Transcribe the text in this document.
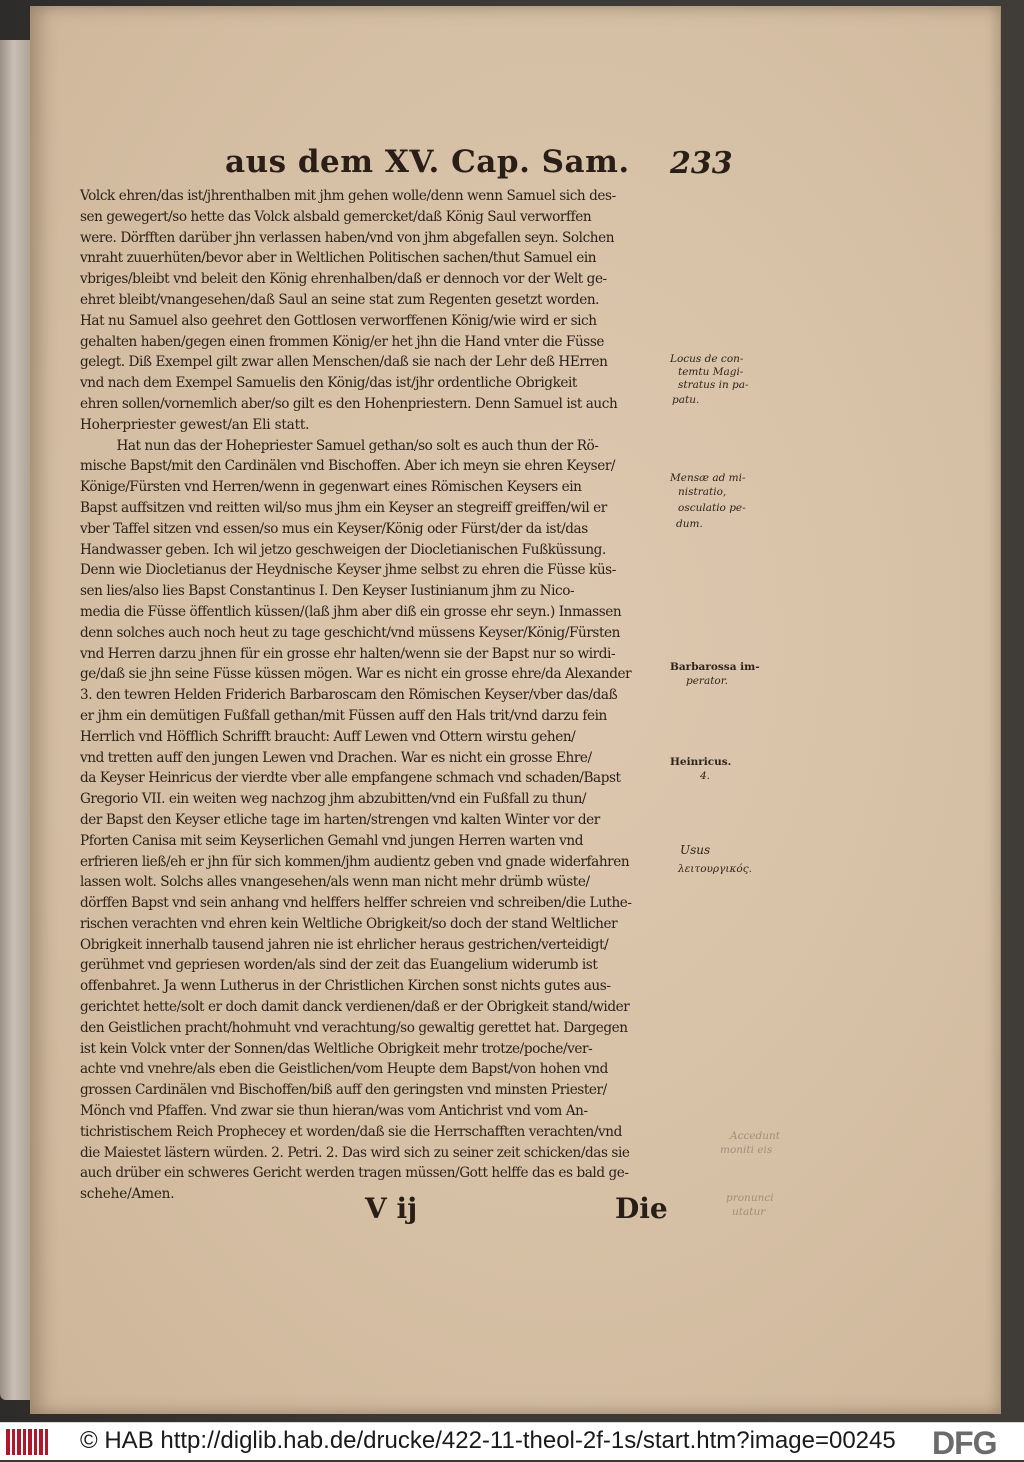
aus dem XV. Cap. Sam.	233
Volck ehren/das ist/jhrenthalben mit jhm gehen wolle/denn wenn Samuel sich des-
sen gewegert/so hette das Volck alsbald gemercket/daß König Saul verworffen
were. Dörfften darüber jhn verlassen haben/vnd von jhm abgefallen seyn. Solchen
vnraht zuuerhüten/bevor aber in Weltlichen Politischen sachen/thut Samuel ein
vbriges/bleibt vnd beleit den König ehrenhalben/daß er dennoch vor der Welt ge-
ehret bleibt/vnangesehen/daß Saul an seine stat zum Regenten gesetzt worden.
Hat nu Samuel also geehret den Gottlosen verworffenen König/wie wird er sich
gehalten haben/gegen einen frommen König/er het jhn die Hand vnter die Füsse
gelegt. Diß Exempel gilt zwar allen Menschen/daß sie nach der Lehr deß HErren
vnd nach dem Exempel Samuelis den König/das ist/jhr ordentliche Obrigkeit
ehren sollen/vornemlich aber/so gilt es den Hohenpriestern. Denn Samuel ist auch
Hoherpriester gewest/an Eli statt.
Hat nun das der Hohepriester Samuel gethan/so solt es auch thun der Rö-
mische Bapst/mit den Cardinälen vnd Bischoffen. Aber ich meyn sie ehren Keyser/
Könige/Fürsten vnd Herren/wenn in gegenwart eines Römischen Keysers ein
Bapst auffsitzen vnd reitten wil/so mus jhm ein Keyser an stegreiff greiffen/wil er
vber Taffel sitzen vnd essen/so mus ein Keyser/König oder Fürst/der da ist/das
Handwasser geben. Ich wil jetzo geschweigen der Diocletianischen Fußküssung.
Denn wie Diocletianus der Heydnische Keyser jhme selbst zu ehren die Füsse küs-
sen lies/also lies Bapst Constantinus I. Den Keyser Iustinianum jhm zu Nico-
media die Füsse öffentlich küssen/(laß jhm aber diß ein grosse ehr seyn.) Inmassen
denn solches auch noch heut zu tage geschicht/vnd müssens Keyser/König/Fürsten
vnd Herren darzu jhnen für ein grosse ehr halten/wenn sie der Bapst nur so wirdi-
ge/daß sie jhn seine Füsse küssen mögen. War es nicht ein grosse ehre/da Alexander
3. den tewren Helden Friderich Barbaroscam den Römischen Keyser/vber das/daß
er jhm ein demütigen Fußfall gethan/mit Füssen auff den Hals trit/vnd darzu fein
Herrlich vnd Höfflich Schrifft braucht: Auff Lewen vnd Ottern wirstu gehen/
vnd tretten auff den jungen Lewen vnd Drachen. War es nicht ein grosse Ehre/
da Keyser Heinricus der vierdte vber alle empfangene schmach vnd schaden/Bapst
Gregorio VII. ein weiten weg nachzog jhm abzubitten/vnd ein Fußfall zu thun/
der Bapst den Keyser etliche tage im harten/strengen vnd kalten Winter vor der
Pforten Canisa mit seim Keyserlichen Gemahl vnd jungen Herren warten vnd
erfrieren ließ/eh er jhn für sich kommen/jhm audientz geben vnd gnade widerfahren
lassen wolt. Solchs alles vnangesehen/als wenn man nicht mehr drümb wüste/
dörffen Bapst vnd sein anhang vnd helffers helffer schreien vnd schreiben/die Luthe-
rischen verachten vnd ehren kein Weltliche Obrigkeit/so doch der stand Weltlicher
Obrigkeit innerhalb tausend jahren nie ist ehrlicher heraus gestrichen/verteidigt/
gerühmet vnd gepriesen worden/als sind der zeit das Euangelium widerumb ist
offenbahret. Ja wenn Lutherus in der Christlichen Kirchen sonst nichts gutes aus-
gerichtet hette/solt er doch damit danck verdienen/daß er der Obrigkeit stand/wider
den Geistlichen pracht/hohmuht vnd verachtung/so gewaltig gerettet hat. Dargegen
ist kein Volck vnter der Sonnen/das Weltliche Obrigkeit mehr trotze/poche/ver-
achte vnd vnehre/als eben die Geistlichen/vom Heupte dem Bapst/von hohen vnd
grossen Cardinälen vnd Bischoffen/biß auff den geringsten vnd minsten Priester/
Mönch vnd Pfaffen. Vnd zwar sie thun hieran/was vom Antichrist vnd vom An-
tichristischem Reich Prophecey et worden/daß sie die Herrschafften verachten/vnd
die Maiestet lästern würden. 2. Petri. 2. Das wird sich zu seiner zeit schicken/das sie
auch drüber ein schweres Gericht werden tragen müssen/Gott helffe das es bald ge-
schehe/Amen.
Locus de con-
temtu Magi-
stratus in pa-
patu.
Mensæ ad mi-
nistratio,
osculatio pe-
dum.
Barbarossa im-
perator.
Heinricus.
4.
Usus
λειτουργικός.
Accedunt
moniti eis
pronunci
utatur
V ij	Die
© HAB http://diglib.hab.de/drucke/422-11-theol-2f-1s/start.htm?image=00245 DFG
